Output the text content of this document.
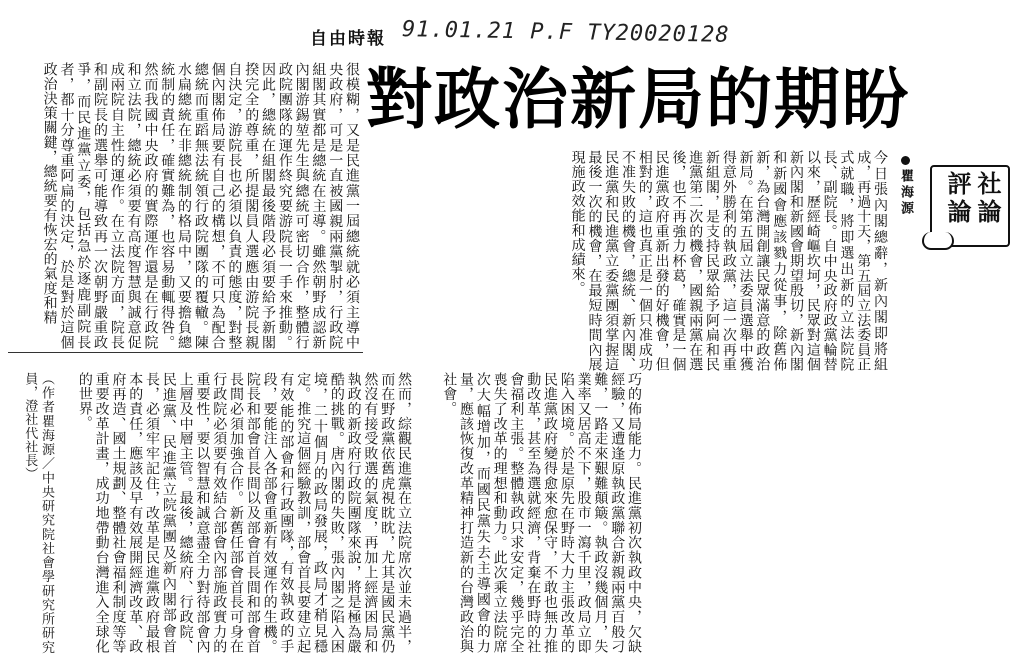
自由時報 91.01.21 P.F TY20020128
對政治新局的期盼
社論評論
瞿海源
今日張內閣總辭，新內閣即將組成，再過十天，第五屆立法委員正式就職，將即選出新的立法院院長、副院長。自中央政府政黨輪替以來，歷經崎嶇坎坷，民眾對這個新內閣和新國會期望殷切，新內閣和新國會應該戮力從事，除舊佈新，為台灣開創讓民眾滿意的政治新局。在第五屆立法委員選舉中獲得意外勝利的執政黨，這一次再重新組閣，是支持民眾給予阿扁和民進黨第二次的機會，國親兩黨在選後，也不再強力杯葛，確實是一個民進黨政府重新出發的好機會，但相對的，這也真正是一個只准成功不准失敗的機會，總統、新內閣、民進黨和民進黨立委黨團須掌握這最後一次的機會，在最短時間內展現施政效能和成績來。
很模糊，又是民進黨一屆總統就必須主導中央政府，可是一直被國親兩黨掣肘，行政院組閣其實都是總統在主導。雖然朝野成認新內閣游錫堃先生與總統可密切合作，整體行政院團隊的運作終究要游院長一手來推動。因此，總統在組閣最後階段必須要給予新閣揆完全的尊重，所提閣員人選應由游院長親自決定，游院長也必須以負責的態度，對整個內閣佈局要有自己的構想，不可只為配合總統而重蹈無法統領行政院團隊的覆轍。陳水扁總統在非總統制的格局中，又要擔負總統制的責任，確實難為，也容易動輒得咎。然而我國中央政府的實際運作還是在行政院和立法院，總統必須要有高度智慧與誠意促成兩院自主性的運作。在立法院方面，院長和副院長的選舉可能導致再一次朝野嚴重政爭，而民進黨立委，包括急於逐鹿副院長者，都十分尊重阿扁的決定，於是對於這個政治決策關鍵，總統要有恢宏的氣度和精
巧的佈局能力。民進黨初次執政中央，欠缺經驗，又遭逢原執政黨聯合新親兩黨百般刁難，一路走來艱難顛簸。執政沒幾個月，失業率又居高不下，股市一瀉千里，政局立即陷入困境。於是原先在野時大力主張改革的民進黨政府變得愈來愈保守，不敢也無力推動改革，甚至為選就經濟，背棄在野時的社會福利主張。整體執政只求安定，幾乎完全喪失了改革的理想和動力。此次乘立法院席次大幅增加，而國民黨失去主導國會的力量，應該恢復改革精神打造新的台灣政治與社會。
然而，綜觀民進黨在立法院席次並未過半，而在野政黨依舊虎視眈眈，尤其是國民黨仍然沒有接受敗選的氣度，再加上經濟困局和執政的新政府行政院團隊來說，將是極為嚴酷的挑戰。唐內閣的失敗，張內閣之陷入困境，二十個月的政局發展，政局才稍見穩定。推究這個經驗教訓，部會首長要建立起有效能的部會和行政團隊，有效執政的手段，要能注入各部會重新有效運作的生機。院長和部會首長間以及部會首長間和部會首長間必須加強合作。新舊任部會首長可身在行政院必須要有效結合部會內部施政實力的重要性，要以智慧和誠意盡全力對待部會內上層及中層主管。最後，總統府、行政院、民進黨、民進黨立院黨團及新內閣部會首長，必須牢牢記住，改革是民進黨政府最根本的責任，應該及早有效展開經濟改革、政府再造、國土規劃、整體社會福利制度等等重要改革計畫，成功地帶動台灣進入全球化的世界。
（作者瞿海源／中央研究院社會學研究所研究員，澄社代社長）
